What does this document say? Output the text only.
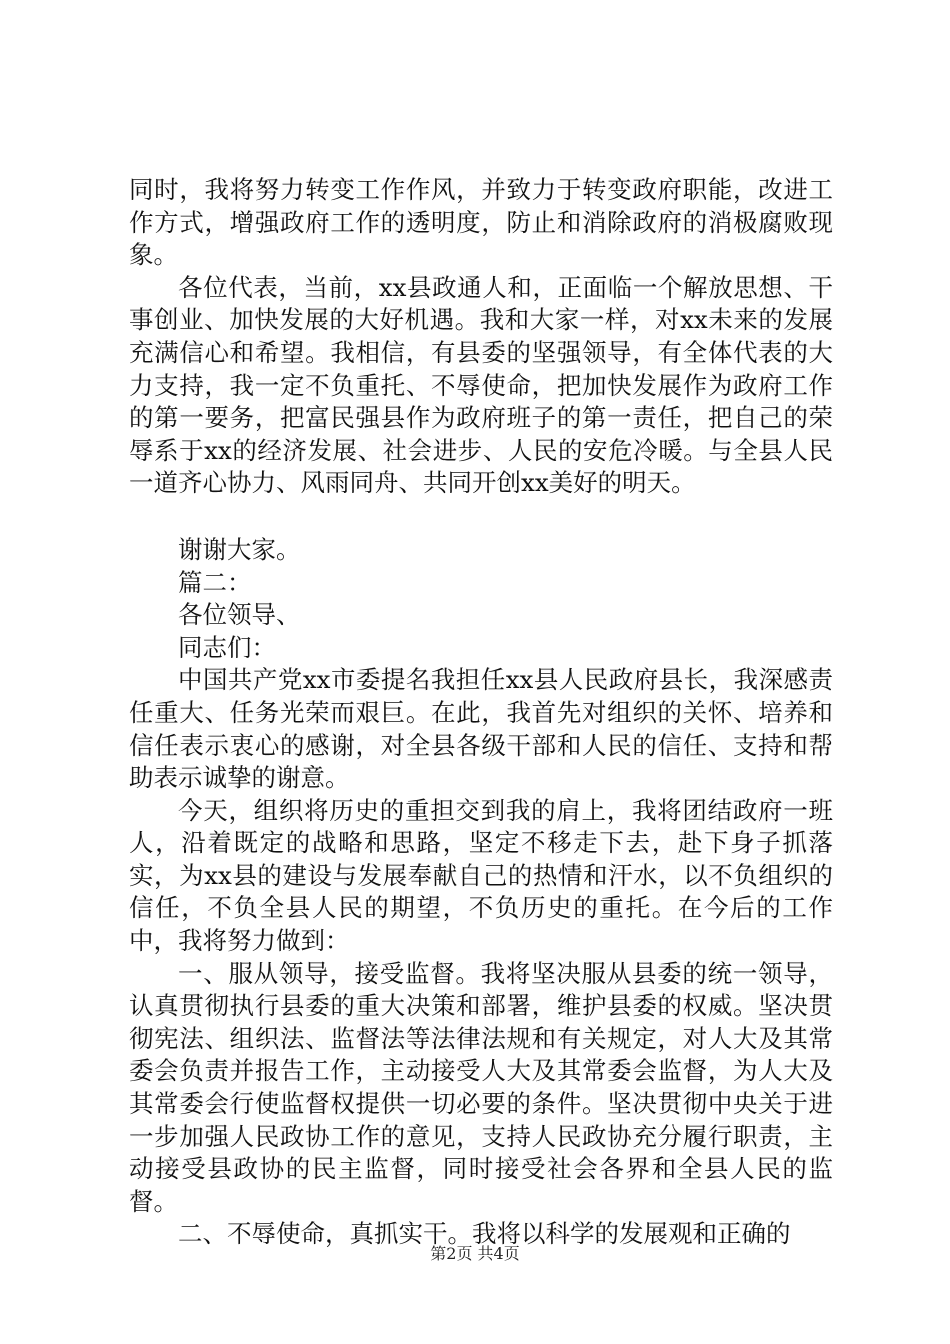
同时，我将努力转变工作作风，并致力于转变政府职能，改进工作方式，增强政府工作的透明度，防止和消除政府的消极腐败现象。

各位代表，当前，xx县政通人和，正面临一个解放思想、干事创业、加快发展的大好机遇。我和大家一样，对xx未来的发展充满信心和希望。我相信，有县委的坚强领导，有全体代表的大力支持，我一定不负重托、不辱使命，把加快发展作为政府工作的第一要务，把富民强县作为政府班子的第一责任，把自己的荣辱系于xx的经济发展、社会进步、人民的安危冷暖。与全县人民一道齐心协力、风雨同舟、共同开创xx美好的明天。

谢谢大家。

篇二：

各位领导、

同志们：

中国共产党xx市委提名我担任xx县人民政府县长，我深感责任重大、任务光荣而艰巨。在此，我首先对组织的关怀、培养和信任表示衷心的感谢，对全县各级干部和人民的信任、支持和帮助表示诚挚的谢意。

今天，组织将历史的重担交到我的肩上，我将团结政府一班人，沿着既定的战略和思路，坚定不移走下去，赴下身子抓落实，为xx县的建设与发展奉献自己的热情和汗水，以不负组织的信任，不负全县人民的期望，不负历史的重托。在今后的工作中，我将努力做到：

一、服从领导，接受监督。我将坚决服从县委的统一领导，认真贯彻执行县委的重大决策和部署，维护县委的权威。坚决贯彻宪法、组织法、监督法等法律法规和有关规定，对人大及其常委会负责并报告工作，主动接受人大及其常委会监督，为人大及其常委会行使监督权提供一切必要的条件。坚决贯彻中央关于进一步加强人民政协工作的意见，支持人民政协充分履行职责，主动接受县政协的民主监督，同时接受社会各界和全县人民的监督。

二、不辱使命，真抓实干。我将以科学的发展观和正确的

第2页 共4页
